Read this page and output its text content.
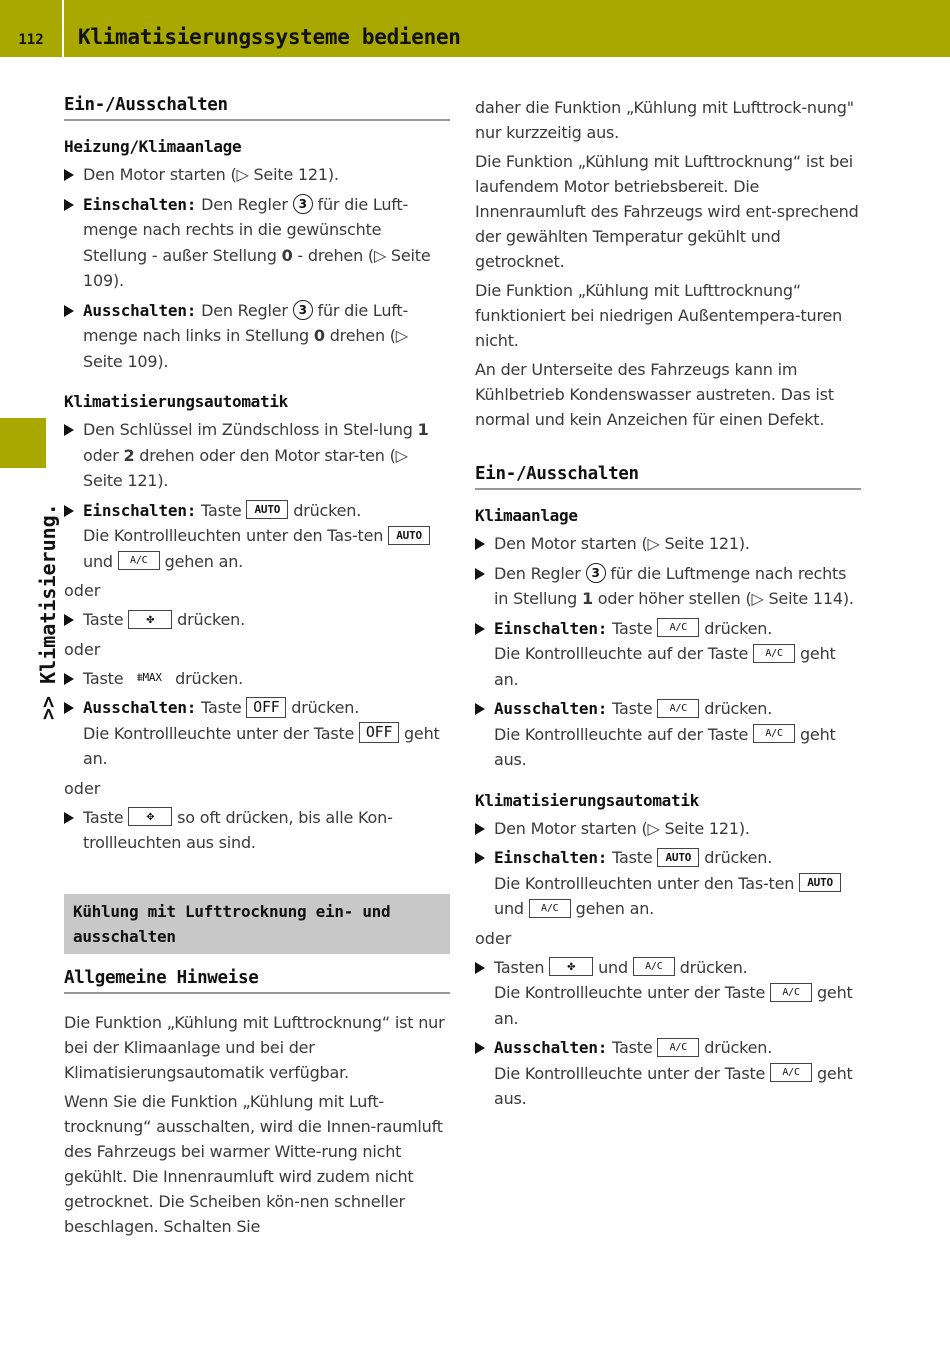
112	Klimatisierungssysteme bedienen
>> Klimatisierung.
Ein-/Ausschalten
Heizung/Klimaanlage
Den Motor starten (▷ Seite 121).
Einschalten: Den Regler 3 für die Luft-menge nach rechts in die gewünschte Stellung - außer Stellung 0 - drehen (▷ Seite 109).
Ausschalten: Den Regler 3 für die Luft-menge nach links in Stellung 0 drehen (▷ Seite 109).
Klimatisierungsautomatik
Den Schlüssel im Zündschloss in Stel-lung 1 oder 2 drehen oder den Motor star-ten (▷ Seite 121).
Einschalten: Taste AUTO drücken.
Die Kontrollleuchten unter den Tas-ten AUTO und A/C gehen an.
oder
Taste ✤ drücken.
oder
Taste ⩩MAX drücken.
Ausschalten: Taste OFF drücken.
Die Kontrollleuchte unter der Taste OFF geht an.
oder
Taste ✥ so oft drücken, bis alle Kon-trollleuchten aus sind.
Kühlung mit Lufttrocknung ein- und ausschalten
Allgemeine Hinweise
Die Funktion „Kühlung mit Lufttrocknung“ ist nur bei der Klimaanlage und bei der Klimatisierungsautomatik verfügbar.
Wenn Sie die Funktion „Kühlung mit Luft-trocknung“ ausschalten, wird die Innen-raumluft des Fahrzeugs bei warmer Witte-rung nicht gekühlt. Die Innenraumluft wird zudem nicht getrocknet. Die Scheiben kön-nen schneller beschlagen. Schalten Sie
daher die Funktion „Kühlung mit Lufttrock-nung" nur kurzzeitig aus.
Die Funktion „Kühlung mit Lufttrocknung“ ist bei laufendem Motor betriebsbereit. Die Innenraumluft des Fahrzeugs wird ent-sprechend der gewählten Temperatur gekühlt und getrocknet.
Die Funktion „Kühlung mit Lufttrocknung“ funktioniert bei niedrigen Außentempera-turen nicht.
An der Unterseite des Fahrzeugs kann im Kühlbetrieb Kondenswasser austreten. Das ist normal und kein Anzeichen für einen Defekt.
Ein-/Ausschalten
Klimaanlage
Den Motor starten (▷ Seite 121).
Den Regler 3 für die Luftmenge nach rechts in Stellung 1 oder höher stellen (▷ Seite 114).
Einschalten: Taste A/C drücken.
Die Kontrollleuchte auf der Taste A/C geht an.
Ausschalten: Taste A/C drücken.
Die Kontrollleuchte auf der Taste A/C geht aus.
Klimatisierungsautomatik
Den Motor starten (▷ Seite 121).
Einschalten: Taste AUTO drücken.
Die Kontrollleuchten unter den Tas-ten AUTO und A/C gehen an.
oder
Tasten ✤ und A/C drücken.
Die Kontrollleuchte unter der Taste A/C geht an.
Ausschalten: Taste A/C drücken.
Die Kontrollleuchte unter der Taste A/C geht aus.
